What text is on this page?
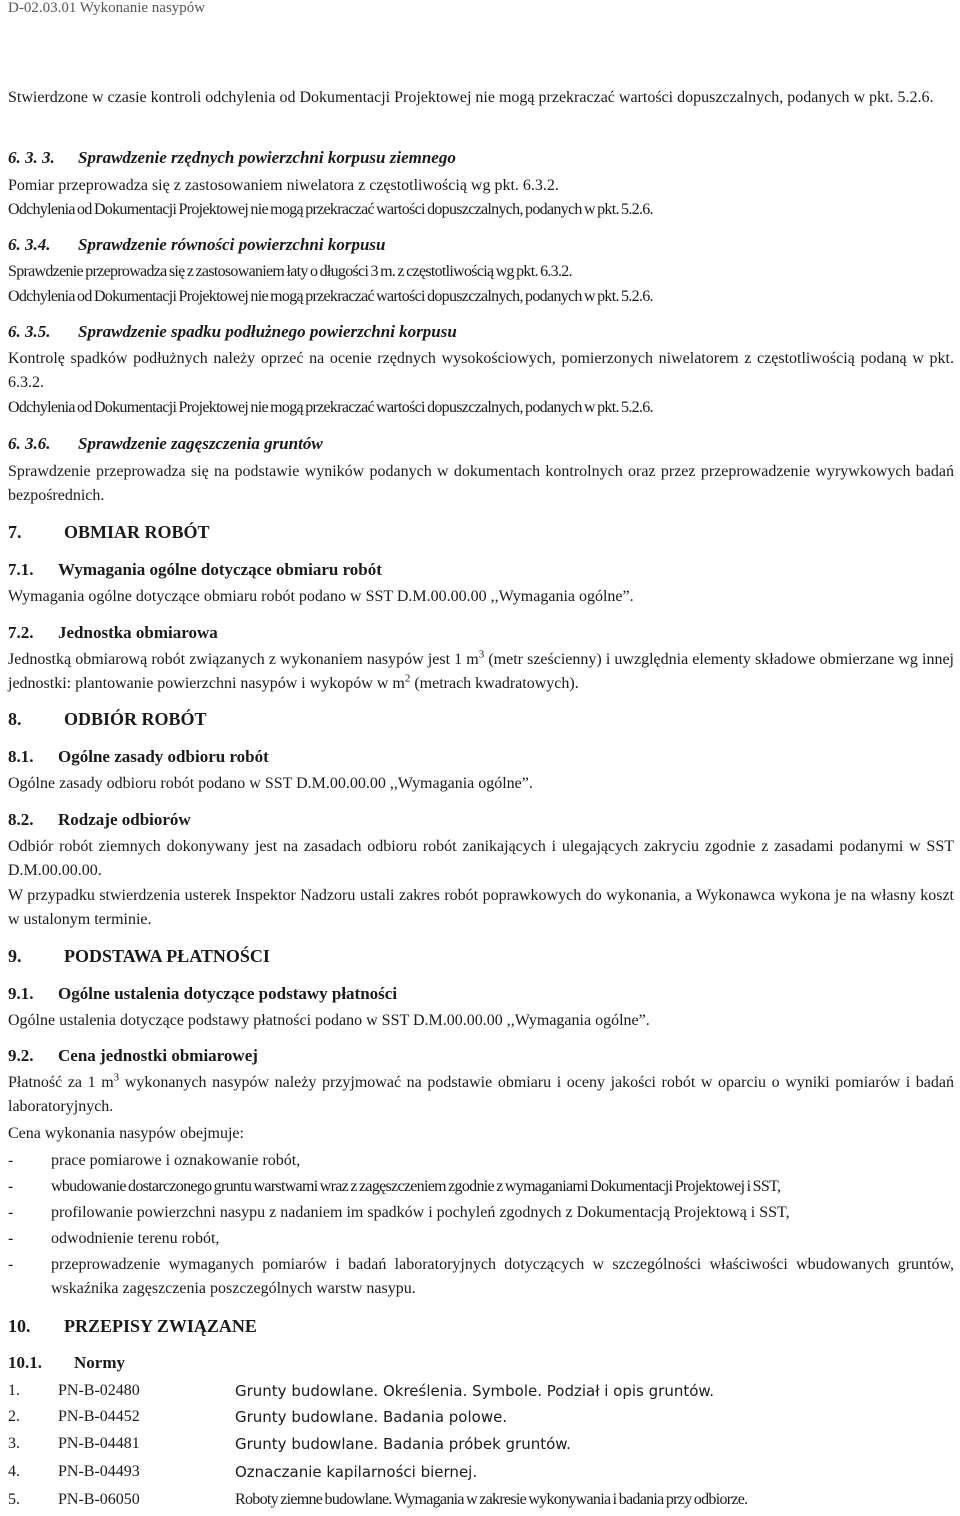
D-02.03.01 Wykonanie nasypów

Stwierdzone w czasie kontroli odchylenia od Dokumentacji Projektowej nie mogą przekraczać wartości dopuszczalnych, podanych w pkt. 5.2.6.

6. 3. 3. Sprawdzenie rzędnych powierzchni korpusu ziemnego

Pomiar przeprowadza się z zastosowaniem niwelatora z częstotliwością wg pkt. 6.3.2.

Odchylenia od Dokumentacji Projektowej nie mogą przekraczać wartości dopuszczalnych, podanych w pkt. 5.2.6.

6. 3.4. Sprawdzenie równości powierzchni korpusu

Sprawdzenie przeprowadza się z zastosowaniem łaty o długości 3 m. z częstotliwością wg pkt. 6.3.2.

Odchylenia od Dokumentacji Projektowej nie mogą przekraczać wartości dopuszczalnych, podanych w pkt. 5.2.6.

6. 3.5. Sprawdzenie spadku podłużnego powierzchni korpusu

Kontrolę spadków podłużnych należy oprzeć na ocenie rzędnych wysokościowych, pomierzonych niwelatorem z częstotliwością podaną w pkt. 6.3.2.

Odchylenia od Dokumentacji Projektowej nie mogą przekraczać wartości dopuszczalnych, podanych w pkt. 5.2.6.

6. 3.6. Sprawdzenie zagęszczenia gruntów

Sprawdzenie przeprowadza się na podstawie wyników podanych w dokumentach kontrolnych oraz przez przeprowadzenie wyrywkowych badań bezpośrednich.

7. OBMIAR ROBÓT
7.1. Wymagania ogólne dotyczące obmiaru robót

Wymagania ogólne dotyczące obmiaru robót podano w SST D.M.00.00.00 ,,Wymagania ogólne”.

7.2. Jednostka obmiarowa

Jednostką obmiarową robót związanych z wykonaniem nasypów jest 1 $m^3$ (metr sześcienny) i uwzględnia elementy składowe obmierzane wg innej jednostki: plantowanie powierzchni nasypów i wykopów w $m^2$ (metrach kwadratowych).

8. ODBIÓR ROBÓT
8.1. Ogólne zasady odbioru robót

Ogólne zasady odbioru robót podano w SST D.M.00.00.00 ,,Wymagania ogólne”.

8.2. Rodzaje odbiorów

Odbiór robót ziemnych dokonywany jest na zasadach odbioru robót zanikających i ulegających zakryciu zgodnie z zasadami podanymi w SST D.M.00.00.00.

W przypadku stwierdzenia usterek Inspektor Nadzoru ustali zakres robót poprawkowych do wykonania, a Wykonawca wykona je na własny koszt w ustalonym terminie.

9. PODSTAWA PŁATNOŚCI
9.1. Ogólne ustalenia dotyczące podstawy płatności

Ogólne ustalenia dotyczące podstawy płatności podano w SST D.M.00.00.00 ,,Wymagania ogólne”.

9.2. Cena jednostki obmiarowej

Płatność za 1 $m^3$ wykonanych nasypów należy przyjmować na podstawie obmiaru i oceny jakości robót w oparciu o wyniki pomiarów i badań laboratoryjnych.

Cena wykonania nasypów obejmuje:

- prace pomiarowe i oznakowanie robót,
- wbudowanie dostarczonego gruntu warstwami wraz z zagęszczeniem zgodnie z wymaganiami Dokumentacji Projektowej i SST,
- profilowanie powierzchni nasypu z nadaniem im spadków i pochyleń zgodnych z Dokumentacją Projektową i SST,
- odwodnienie terenu robót,
- przeprowadzenie wymaganych pomiarów i badań laboratoryjnych dotyczących w szczególności właściwości wbudowanych gruntów, wskaźnika zagęszczenia poszczególnych warstw nasypu.
10. PRZEPISY ZWIĄZANE
10.1. Normy
1. PN-B-02480	Grunty budowlane. Określenia. Symbole. Podział i opis gruntów.
2. PN-B-04452	Grunty budowlane. Badania polowe.
3. PN-B-04481	Grunty budowlane. Badania próbek gruntów.
4. PN-B-04493	Oznaczanie kapilarności biernej.
5. PN-B-06050	Roboty ziemne budowlane. Wymagania w zakresie wykonywania i badania przy odbiorze.
